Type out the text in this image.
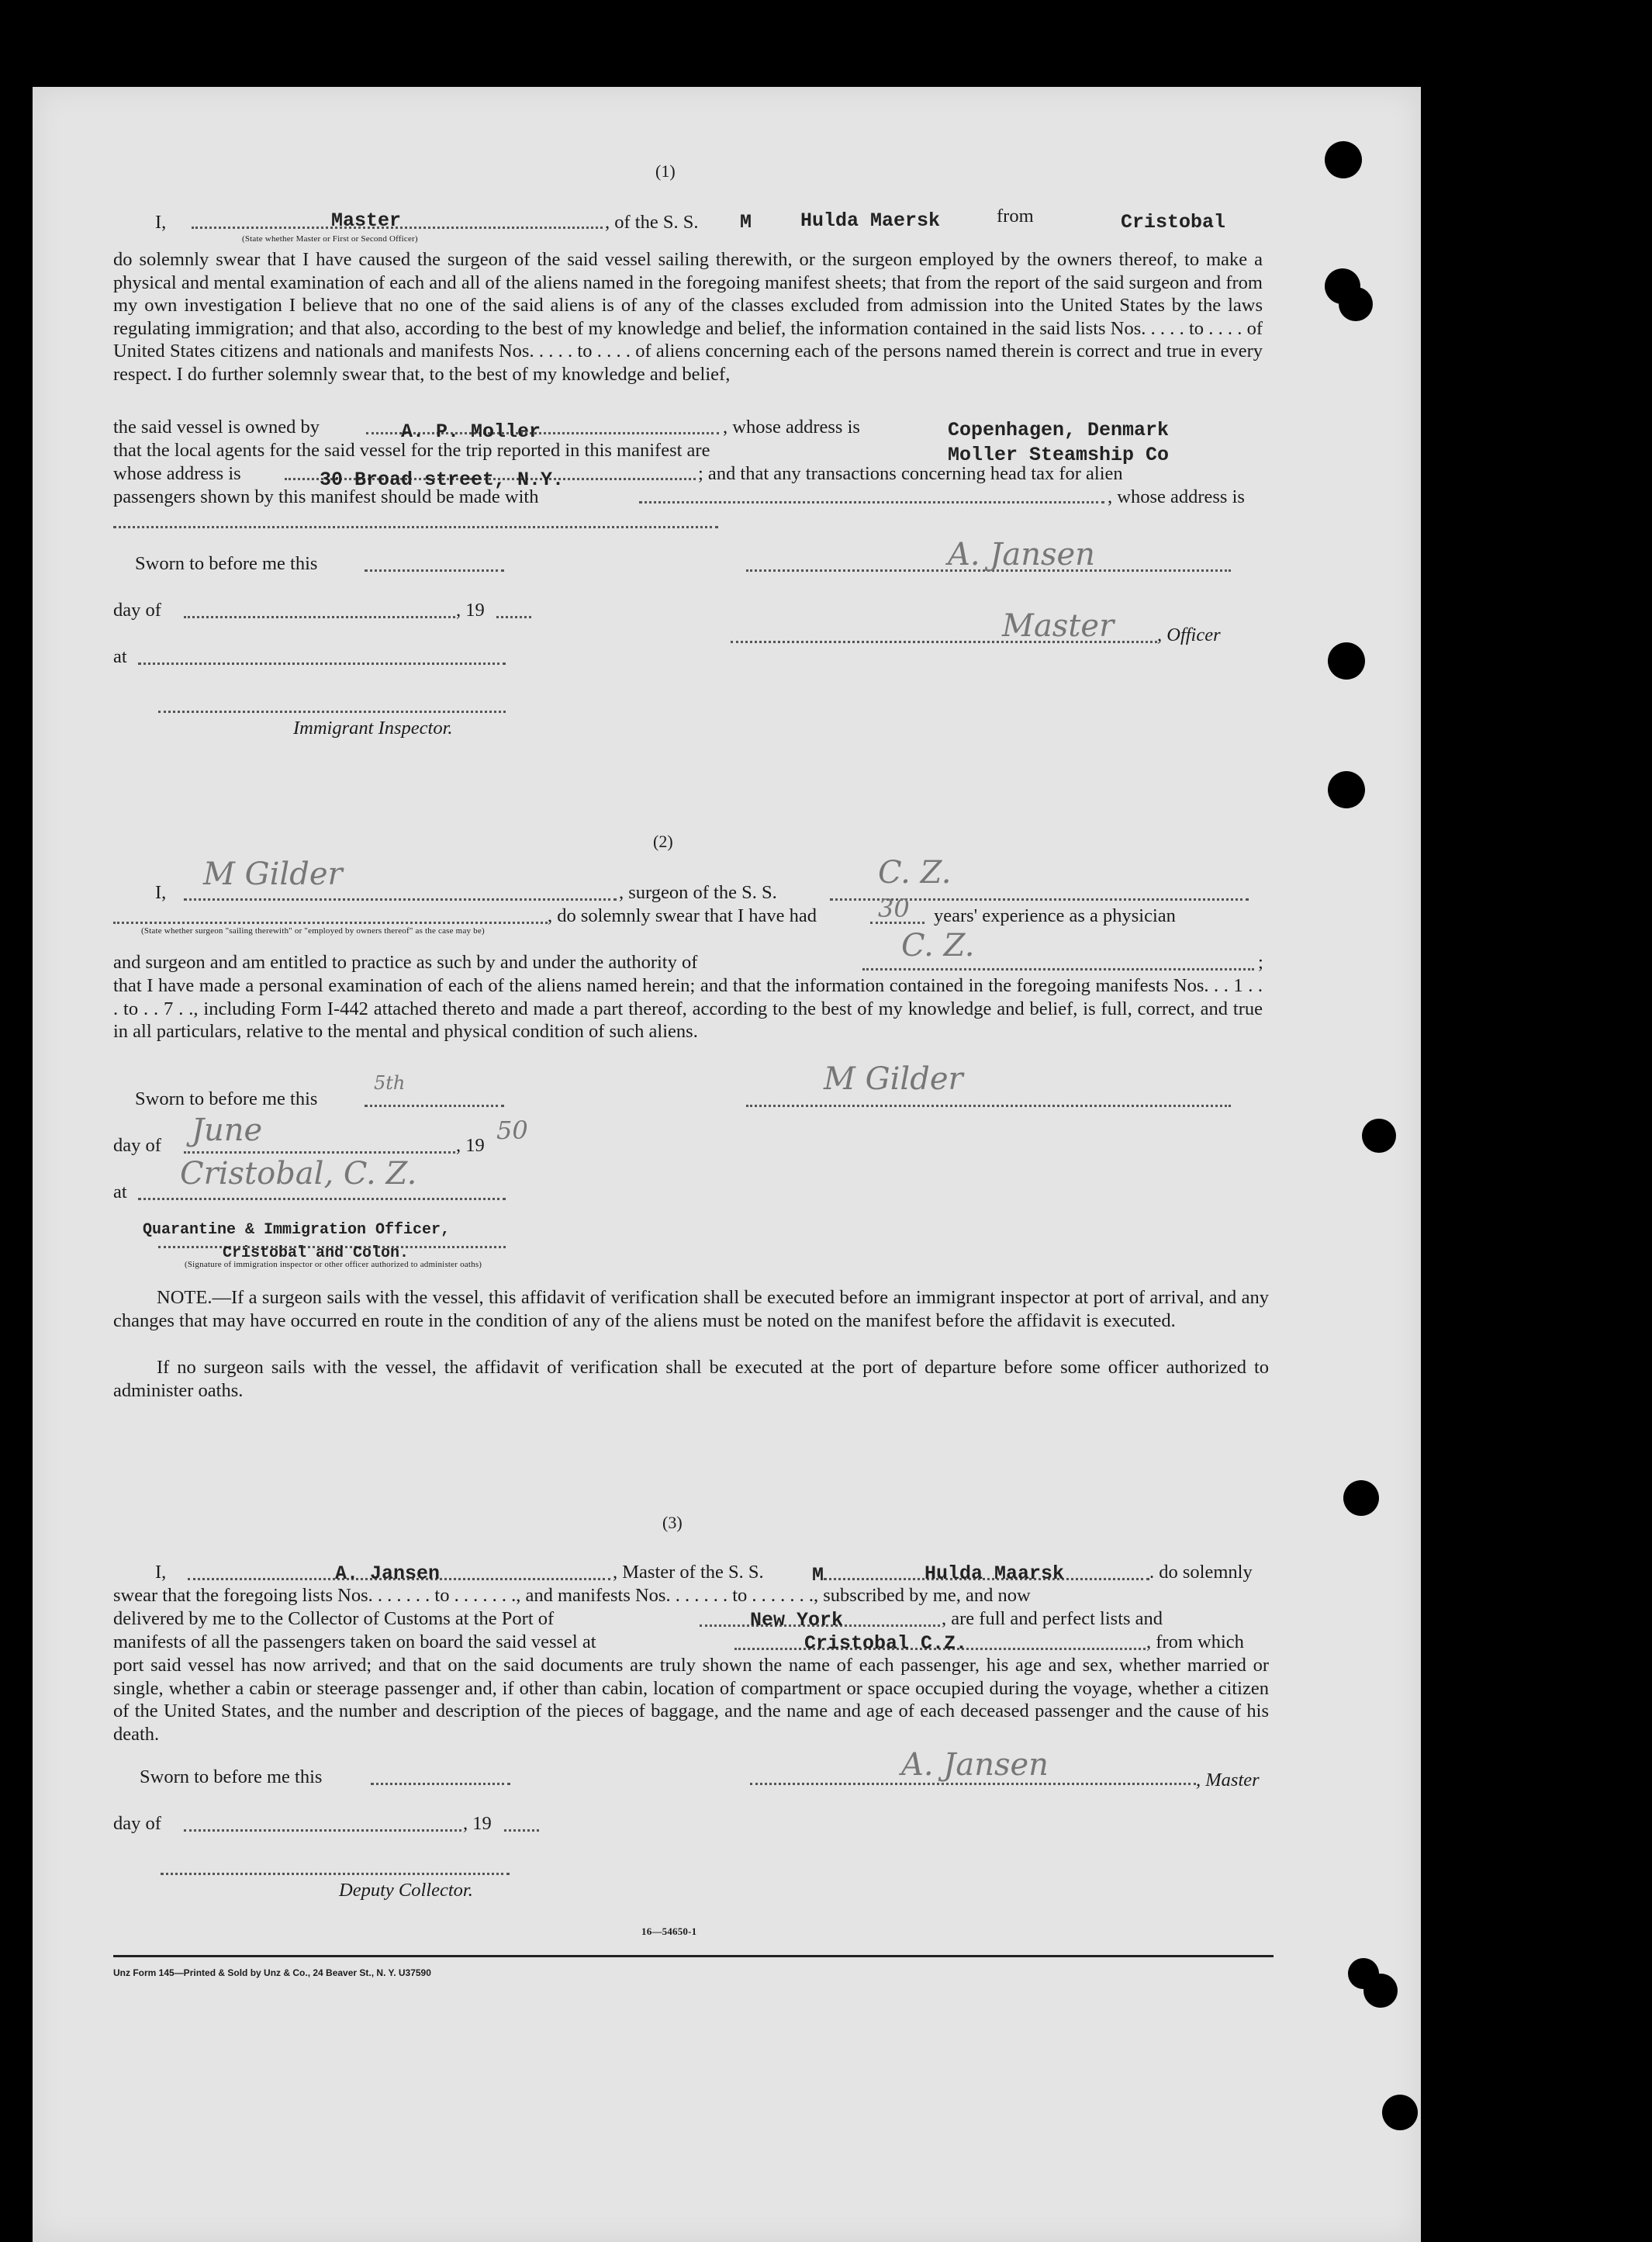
(1)
I,	Master
(State whether Master or First or Second Officer)
, of the S. S. M	Hulda Maersk	from	Cristobal
do solemnly swear that I have caused the surgeon of the said vessel sailing therewith, or the surgeon employed by the owners thereof, to make a physical and mental examination of each and all of the aliens named in the foregoing manifest sheets; that from the report of the said surgeon and from my own investigation I believe that no one of the said aliens is of any of the classes excluded from admission into the United States by the laws regulating immigration; and that also, according to the best of my knowledge and belief, the information contained in the said lists Nos. . . . . to . . . . of United States citizens and nationals and manifests Nos. . . . . to . . . . of aliens concerning each of the persons named therein is correct and true in every respect. I do further solemnly swear that, to the best of my knowledge and belief,
the said vessel is owned by	A. P. Moller	, whose address is	Copenhagen, Denmark
that the local agents for the said vessel for the trip reported in this manifest are	Moller Steamship Co
whose address is	30 Broad street, N.Y.	; and that any transactions concerning head tax for alien
passengers shown by this manifest should be made with	, whose address is
Sworn to before me this
day of	, 19
at
Immigrant Inspector.
A. Jansen
Master , Officer
(2)
I,
M Gilder
, surgeon of the S. S.
C. Z.
, do solemnly swear that I have had 30 years' experience as a physician
(State whether surgeon "sailing therewith" or "employed by owners thereof" as the case may be)
and surgeon and am entitled to practice as such by and under the authority of	C. Z.	;
that I have made a personal examination of each of the aliens named herein; and that the information contained in the foregoing manifests Nos. . . 1 . . . to . . 7 . ., including Form I-442 attached thereto and made a part thereof, according to the best of my knowledge and belief, is full, correct, and true in all particulars, relative to the mental and physical condition of such aliens.
Sworn to before me this
5th
day of June	, 19
50
at
Cristobal, C. Z.
Quarantine & Immigration Officer,
Cristobal and Colon.
(Signature of immigration inspector or other officer authorized to administer oaths)
M Gilder
NOTE.—If a surgeon sails with the vessel, this affidavit of verification shall be executed before an immigrant inspector at port of arrival, and any changes that may have occurred en route in the condition of any of the aliens must be noted on the manifest before the affidavit is executed.
If no surgeon sails with the vessel, the affidavit of verification shall be executed at the port of departure before some officer authorized to administer oaths.
(3)
I,	A. Jansen	, Master of the S. S. M	Hulda Maarsk	. do solemnly
swear that the foregoing lists Nos. . . . . . . to . . . . . . ., and manifests Nos. . . . . . . to . . . . . . ., subscribed by me, and now
delivered by me to the Collector of Customs at the Port of	New York	, are full and perfect lists and
manifests of all the passengers taken on board the said vessel at	Cristobal C.Z.	, from which
port said vessel has now arrived; and that on the said documents are truly shown the name of each passenger, his age and sex, whether married or single, whether a cabin or steerage passenger and, if other than cabin, location of compartment or space occupied during the voyage, whether a citizen of the United States, and the number and description of the pieces of baggage, and the name and age of each deceased passenger and the cause of his death.
Sworn to before me this	A. Jansen	, Master
day of	, 19
Deputy Collector.
16—54650-1
Unz Form 145—Printed & Sold by Unz & Co., 24 Beaver St., N. Y. U37590
